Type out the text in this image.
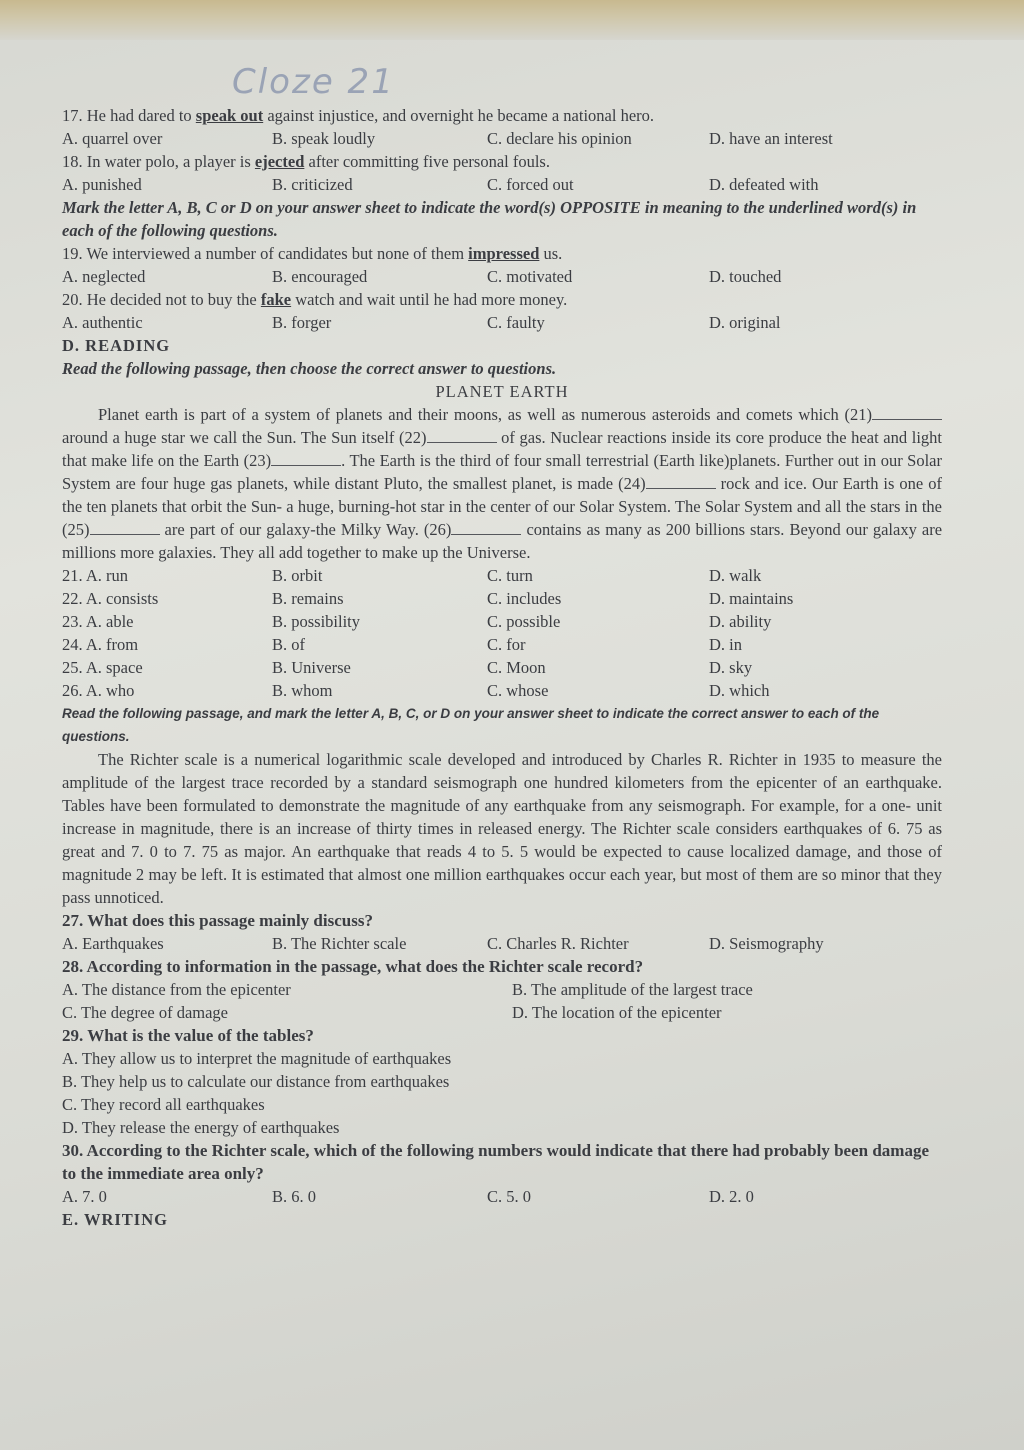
Cloze 21

17. He had dared to speak out against injustice, and overnight he became a national hero.

A. quarrel over	B. speak loudly	C. declare his opinion	D. have an interest

18. In water polo, a player is ejected after committing five personal fouls.

A. punished	B. criticized	C. forced out	D. defeated with

Mark the letter A, B, C or D on your answer sheet to indicate the word(s) OPPOSITE in meaning to the underlined word(s) in each of the following questions.

19. We interviewed a number of candidates but none of them impressed us.

A. neglected	B. encouraged	C. motivated	D. touched

20. He decided not to buy the fake watch and wait until he had more money.

A. authentic	B. forger	C. faulty	D. original

D. READING

Read the following passage, then choose the correct answer to questions.

PLANET EARTH

Planet earth is part of a system of planets and their moons, as well as numerous asteroids and comets which (21) around a huge star we call the Sun. The Sun itself (22)	of gas. Nuclear reactions inside its core produce the heat and light that make life on the Earth (23)	. The Earth is the third of four small terrestrial (Earth like)planets. Further out in our Solar System are four huge gas planets, while distant Pluto, the smallest planet, is made (24)	rock and ice. Our Earth is one of the ten planets that orbit the Sun- a huge, burning-hot star in the center of our Solar System. The Solar System and all the stars in the (25)	are part of our galaxy-the Milky Way. (26)	contains as many as 200 billions stars. Beyond our galaxy are millions more galaxies. They all add together to make up the Universe.

21. A. run	B. orbit	C. turn	D. walk
22. A. consists	B. remains	C. includes	D. maintains
23. A. able	B. possibility	C. possible	D. ability
24. A. from	B. of	C. for	D. in
25. A. space	B. Universe	C. Moon	D. sky
26. A. who	B. whom	C. whose	D. which

Read the following passage, and mark the letter A, B, C, or D on your answer sheet to indicate the correct answer to each of the questions.

The Richter scale is a numerical logarithmic scale developed and introduced by Charles R. Richter in 1935 to measure the amplitude of the largest trace recorded by a standard seismograph one hundred kilometers from the epicenter of an earthquake. Tables have been formulated to demonstrate the magnitude of any earthquake from any seismograph. For example, for a one- unit increase in magnitude, there is an increase of thirty times in released energy. The Richter scale considers earthquakes of 6. 75 as great and 7. 0 to 7. 75 as major. An earthquake that reads 4 to 5. 5 would be expected to cause localized damage, and those of magnitude 2 may be left. It is estimated that almost one million earthquakes occur each year, but most of them are so minor that they pass unnoticed.

27. What does this passage mainly discuss?

A. Earthquakes	B. The Richter scale	C. Charles R. Richter	D. Seismography

28. According to information in the passage, what does the Richter scale record?

A. The distance from the epicenter	B. The amplitude of the largest trace
C. The degree of damage	D. The location of the epicenter

29. What is the value of the tables?

A. They allow us to interpret the magnitude of earthquakes

B. They help us to calculate our distance from earthquakes

C. They record all earthquakes

D. They release the energy of earthquakes

30. According to the Richter scale, which of the following numbers would indicate that there had probably been damage to the immediate area only?

A. 7. 0	B. 6. 0	C. 5. 0	D. 2. 0

E. WRITING
